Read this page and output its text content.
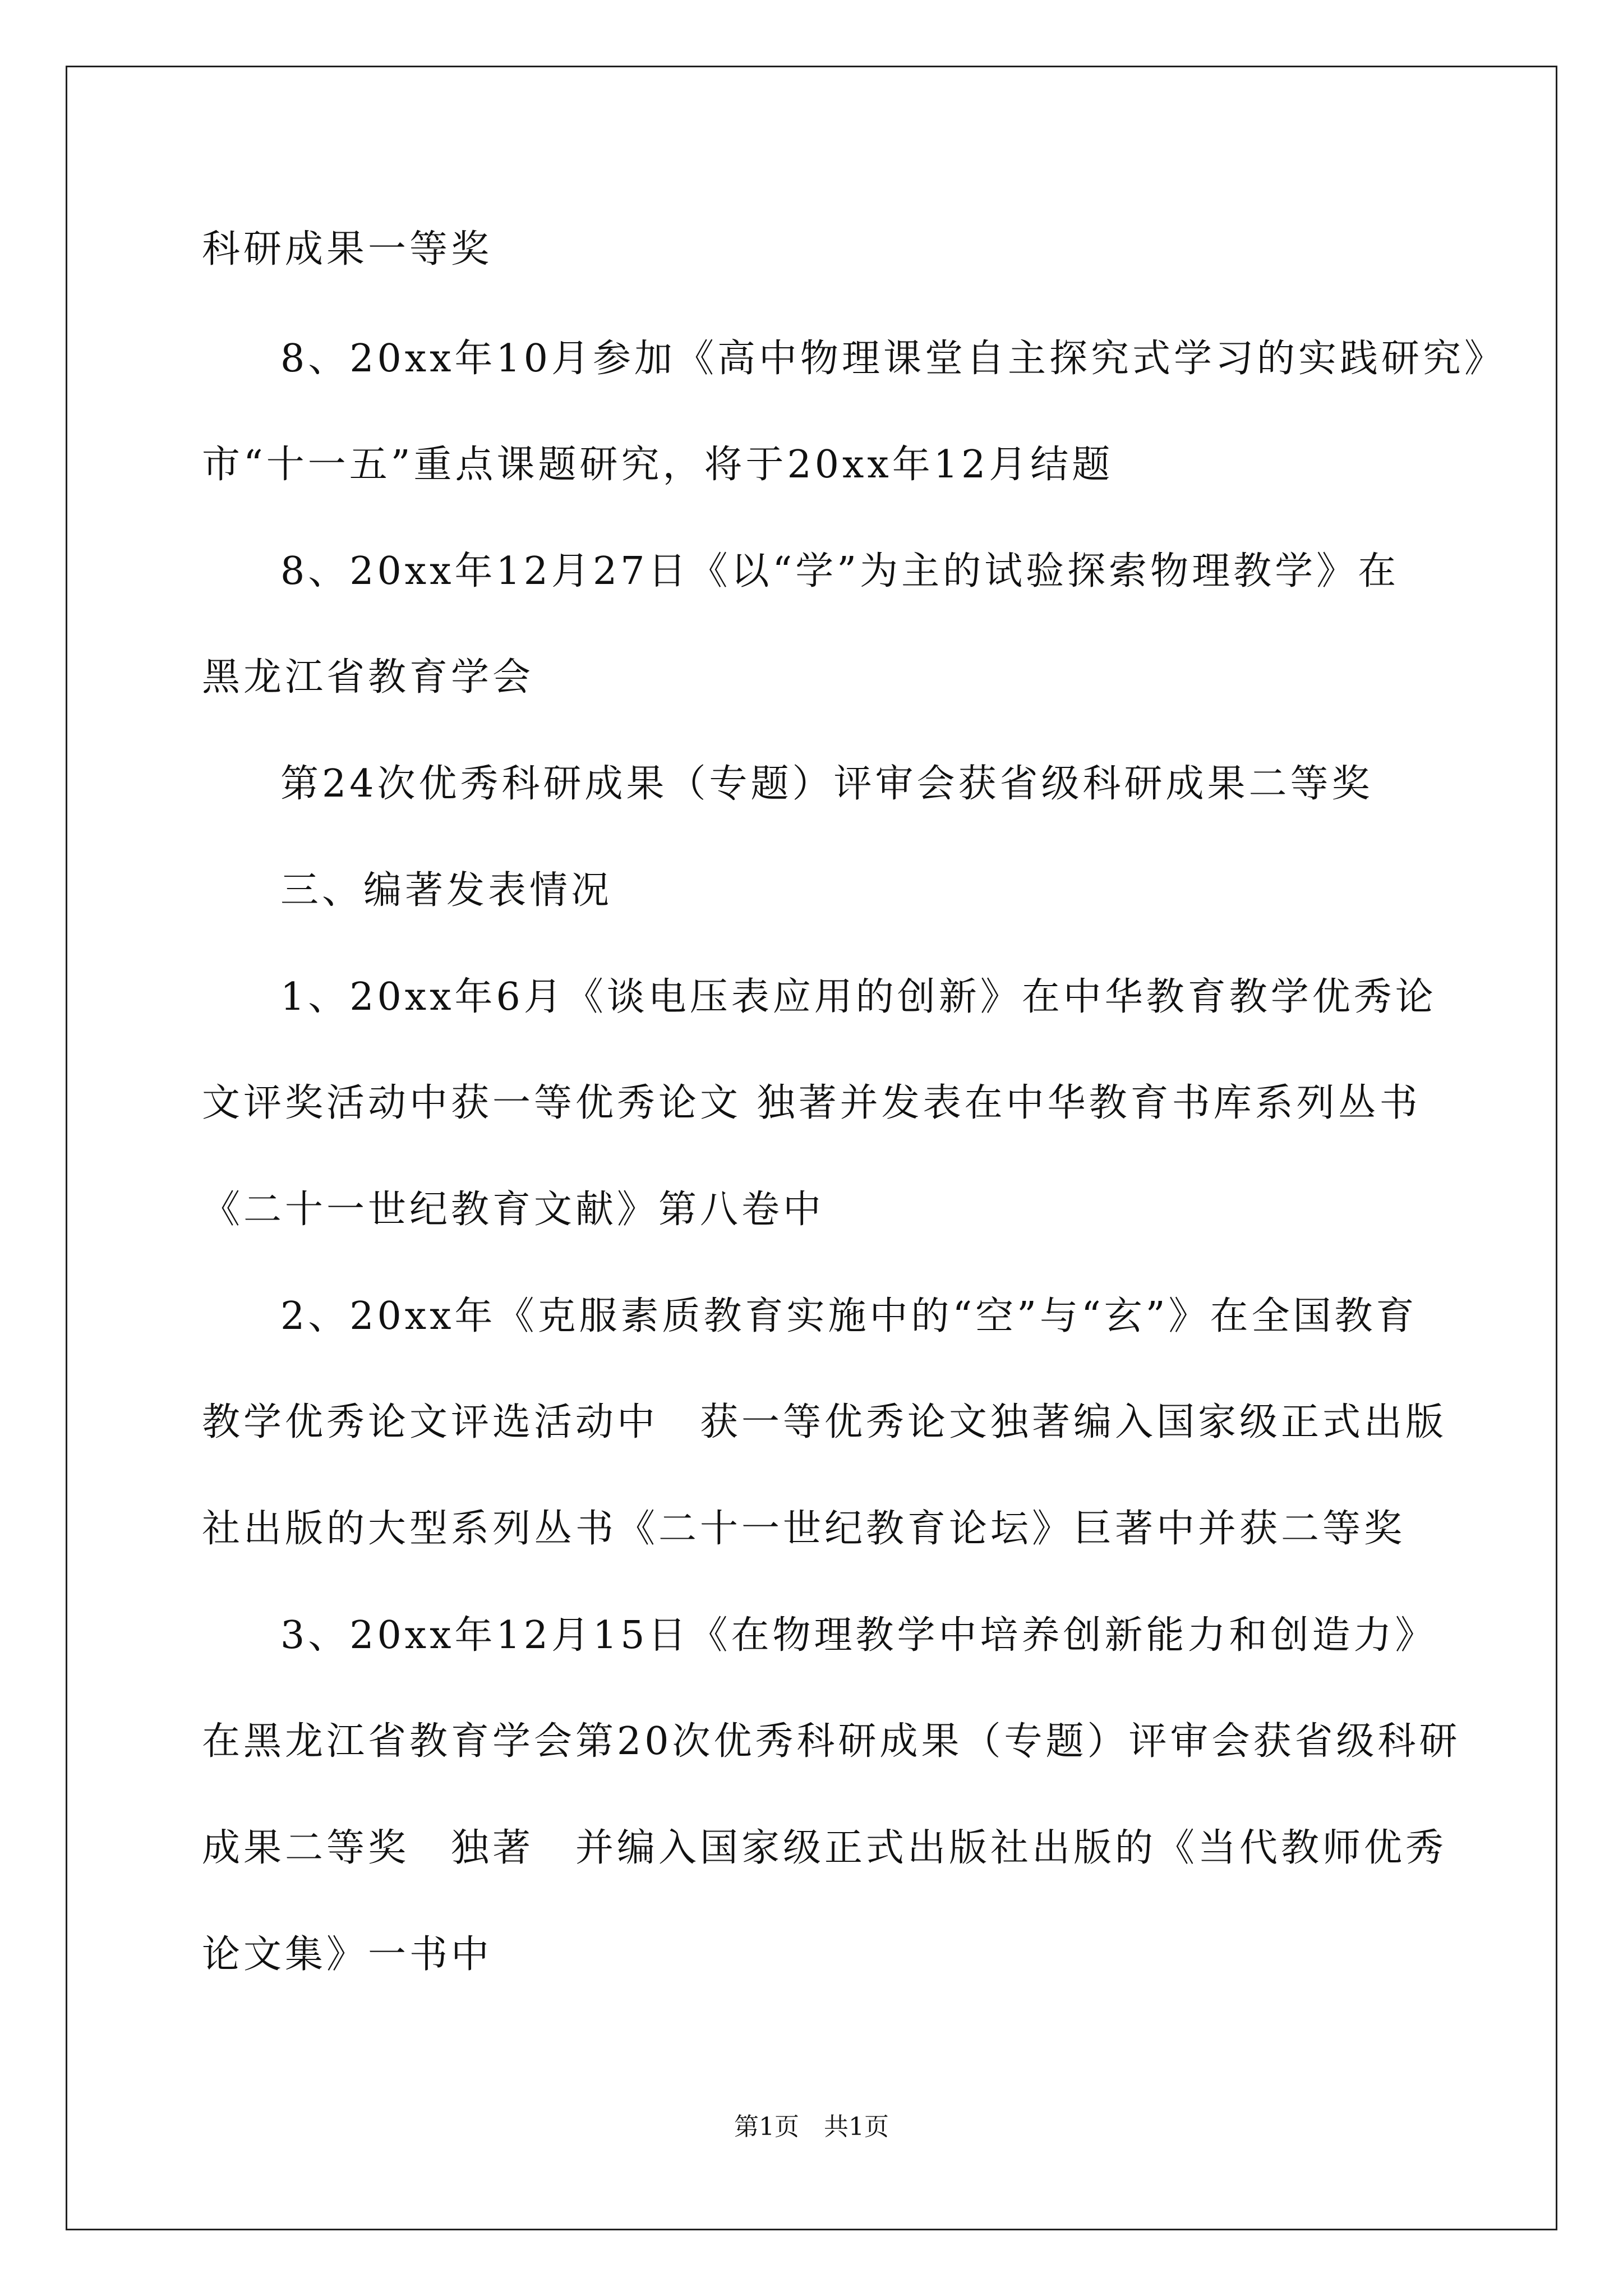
科研成果一等奖
8、20xx年10月参加《高中物理课堂自主探究式学习的实践研究》
市“十一五”重点课题研究，将于20xx年12月结题
8、20xx年12月27日《以“学”为主的试验探索物理教学》在
黑龙江省教育学会
第24次优秀科研成果（专题）评审会获省级科研成果二等奖
三、编著发表情况
1、20xx年6月《谈电压表应用的创新》在中华教育教学优秀论
文评奖活动中获一等优秀论文 独著并发表在中华教育书库系列丛书
《二十一世纪教育文献》第八卷中
2、20xx年《克服素质教育实施中的“空”与“玄”》在全国教育
教学优秀论文评选活动中　获一等优秀论文独著编入国家级正式出版
社出版的大型系列丛书《二十一世纪教育论坛》巨著中并获二等奖
3、20xx年12月15日《在物理教学中培养创新能力和创造力》
在黑龙江省教育学会第20次优秀科研成果（专题）评审会获省级科研
成果二等奖　独著　并编入国家级正式出版社出版的《当代教师优秀
论文集》一书中
第1页　共1页
